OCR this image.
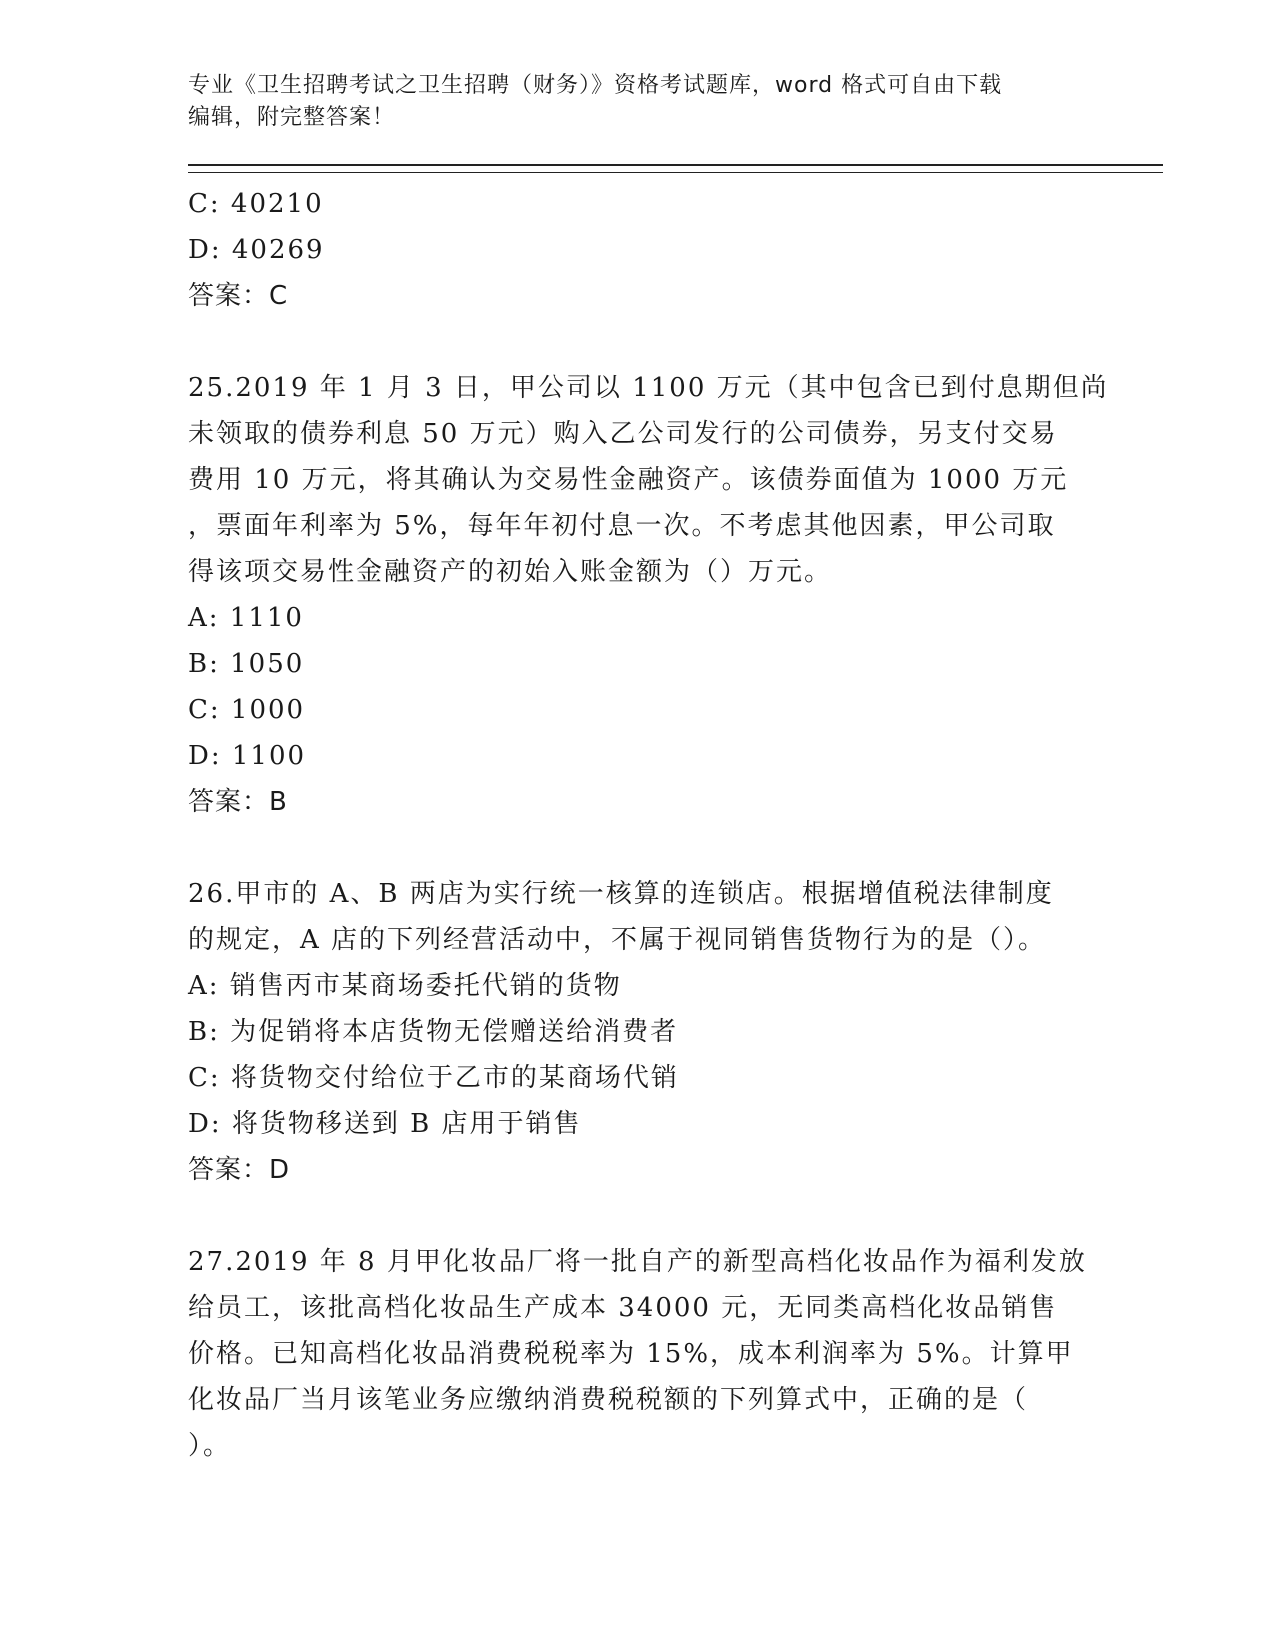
专业《卫生招聘考试之卫生招聘（财务）》资格考试题库，word 格式可自由下载
编辑，附完整答案！
C: 40210
D: 40269
答案：C
25.2019 年 1 月 3 日，甲公司以 1100 万元（其中包含已到付息期但尚
未领取的债券利息 50 万元）购入乙公司发行的公司债券，另支付交易
费用 10 万元，将其确认为交易性金融资产。该债券面值为 1000 万元
，票面年利率为 5%，每年年初付息一次。不考虑其他因素，甲公司取
得该项交易性金融资产的初始入账金额为（）万元。
A: 1110
B: 1050
C: 1000
D: 1100
答案：B
26.甲市的 A、B 两店为实行统一核算的连锁店。根据增值税法律制度
的规定，A 店的下列经营活动中，不属于视同销售货物行为的是（）。
A: 销售丙市某商场委托代销的货物
B: 为促销将本店货物无偿赠送给消费者
C: 将货物交付给位于乙市的某商场代销
D: 将货物移送到 B 店用于销售
答案：D
27.2019 年 8 月甲化妆品厂将一批自产的新型高档化妆品作为福利发放
给员工，该批高档化妆品生产成本 34000 元，无同类高档化妆品销售
价格。已知高档化妆品消费税税率为 15%，成本利润率为 5%。计算甲
化妆品厂当月该笔业务应缴纳消费税税额的下列算式中，正确的是（
）。
